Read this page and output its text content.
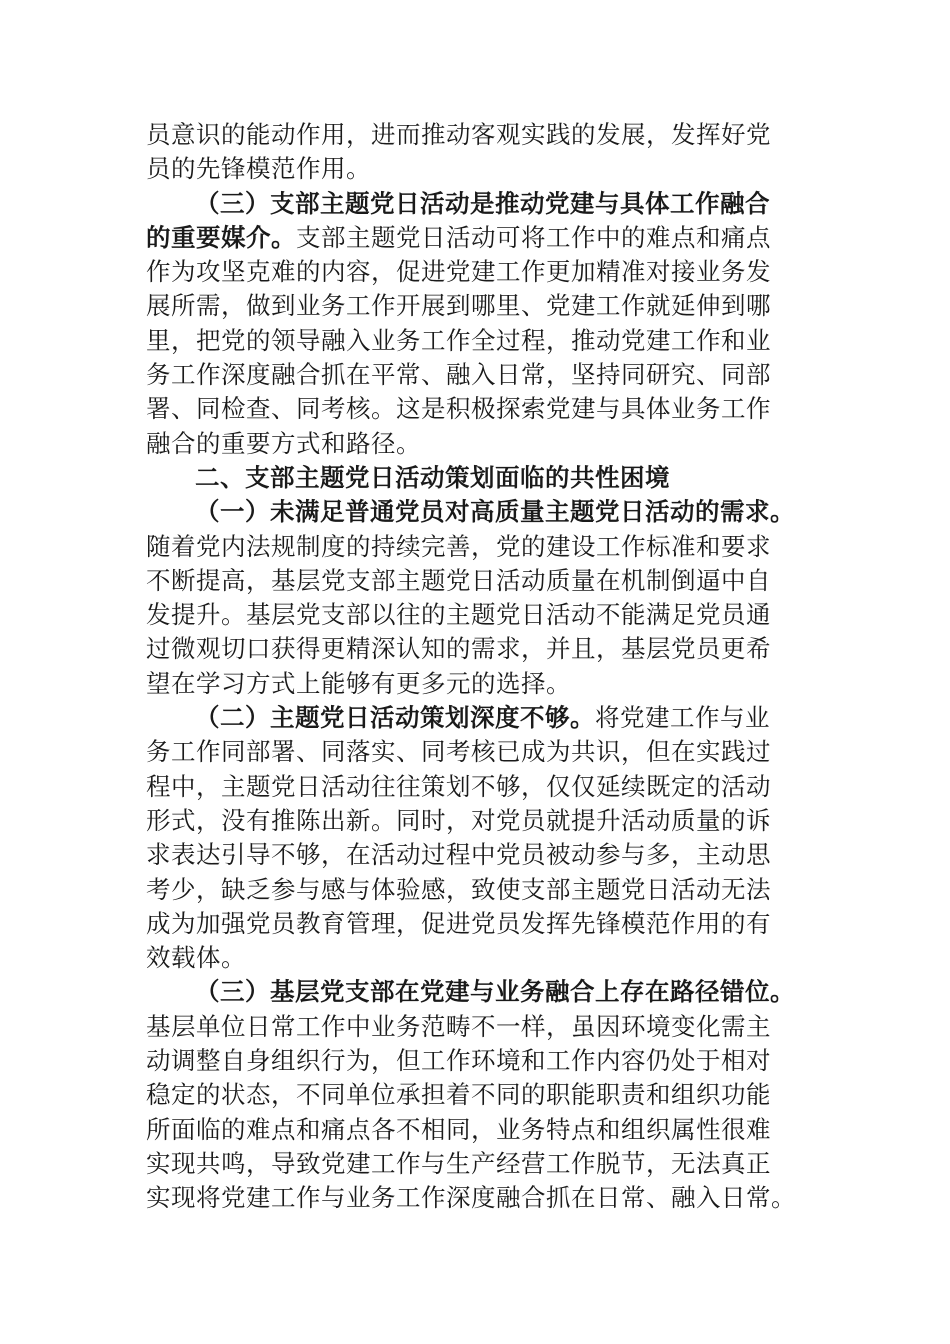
员意识的能动作用，进而推动客观实践的发展，发挥好党
员的先锋模范作用。
（三）支部主题党日活动是推动党建与具体工作融合
的重要媒介。支部主题党日活动可将工作中的难点和痛点
作为攻坚克难的内容，促进党建工作更加精准对接业务发
展所需，做到业务工作开展到哪里、党建工作就延伸到哪
里，把党的领导融入业务工作全过程，推动党建工作和业
务工作深度融合抓在平常、融入日常，坚持同研究、同部
署、同检查、同考核。这是积极探索党建与具体业务工作
融合的重要方式和路径。
二、支部主题党日活动策划面临的共性困境
（一）未满足普通党员对高质量主题党日活动的需求。
随着党内法规制度的持续完善，党的建设工作标准和要求
不断提高，基层党支部主题党日活动质量在机制倒逼中自
发提升。基层党支部以往的主题党日活动不能满足党员通
过微观切口获得更精深认知的需求，并且，基层党员更希
望在学习方式上能够有更多元的选择。
（二）主题党日活动策划深度不够。将党建工作与业
务工作同部署、同落实、同考核已成为共识，但在实践过
程中，主题党日活动往往策划不够，仅仅延续既定的活动
形式，没有推陈出新。同时，对党员就提升活动质量的诉
求表达引导不够，在活动过程中党员被动参与多，主动思
考少，缺乏参与感与体验感，致使支部主题党日活动无法
成为加强党员教育管理，促进党员发挥先锋模范作用的有
效载体。
（三）基层党支部在党建与业务融合上存在路径错位。
基层单位日常工作中业务范畴不一样，虽因环境变化需主
动调整自身组织行为，但工作环境和工作内容仍处于相对
稳定的状态，不同单位承担着不同的职能职责和组织功能
所面临的难点和痛点各不相同，业务特点和组织属性很难
实现共鸣，导致党建工作与生产经营工作脱节，无法真正
实现将党建工作与业务工作深度融合抓在日常、融入日常。
